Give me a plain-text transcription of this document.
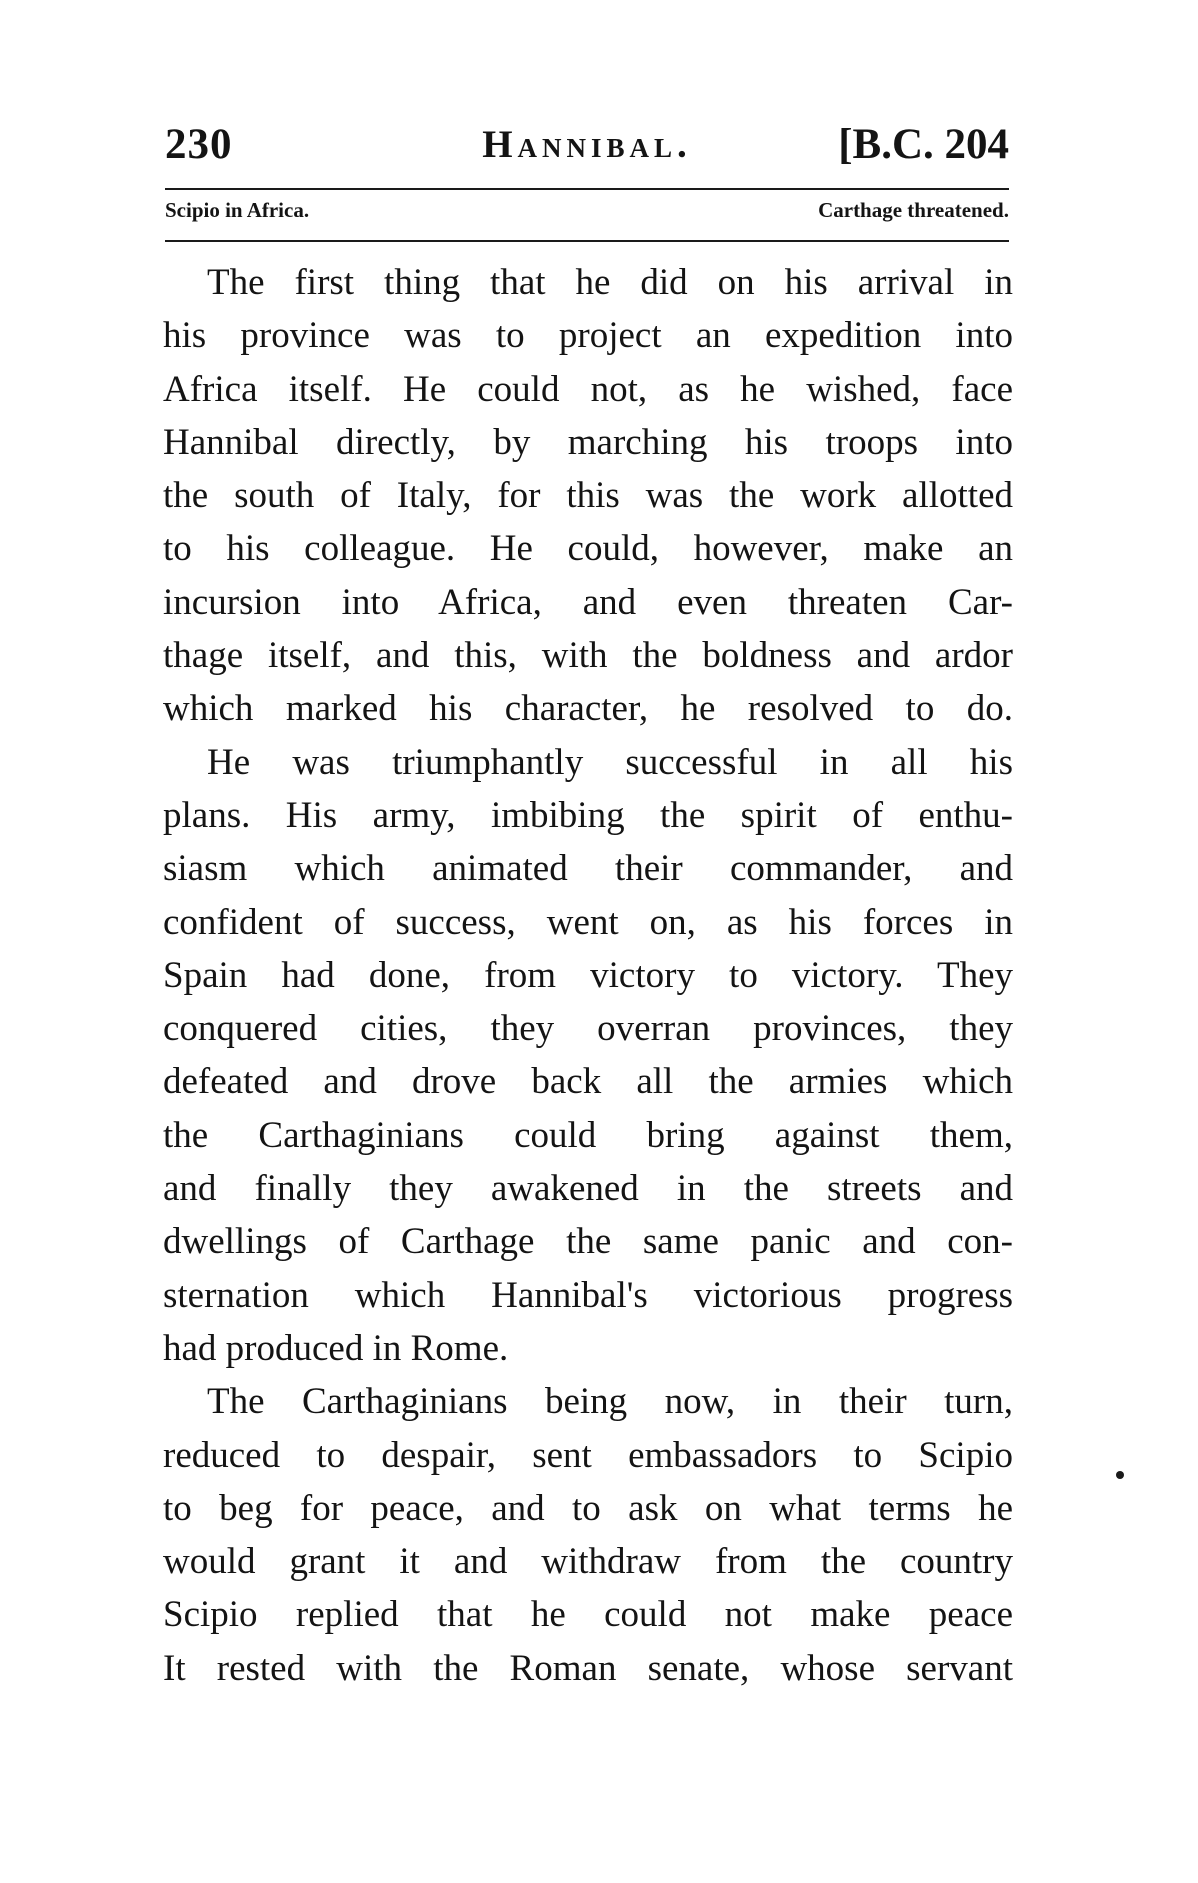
230	Hannibal.	[B.C. 204
Scipio in Africa.	Carthage threatened.

The first thing that he did on his arrival in
his province was to project an expedition into
Africa itself. He could not, as he wished, face
Hannibal directly, by marching his troops into
the south of Italy, for this was the work allotted
to his colleague. He could, however, make an
incursion into Africa, and even threaten Car-
thage itself, and this, with the boldness and ardor
which marked his character, he resolved to do.

He was triumphantly successful in all his
plans. His army, imbibing the spirit of enthu-
siasm which animated their commander, and
confident of success, went on, as his forces in
Spain had done, from victory to victory. They
conquered cities, they overran provinces, they
defeated and drove back all the armies which
the Carthaginians could bring against them,
and finally they awakened in the streets and
dwellings of Carthage the same panic and con-
sternation which Hannibal's victorious progress
had produced in Rome.

The Carthaginians being now, in their turn,
reduced to despair, sent embassadors to Scipio
to beg for peace, and to ask on what terms he
would grant it and withdraw from the country
Scipio replied that he could not make peace
It rested with the Roman senate, whose servant
